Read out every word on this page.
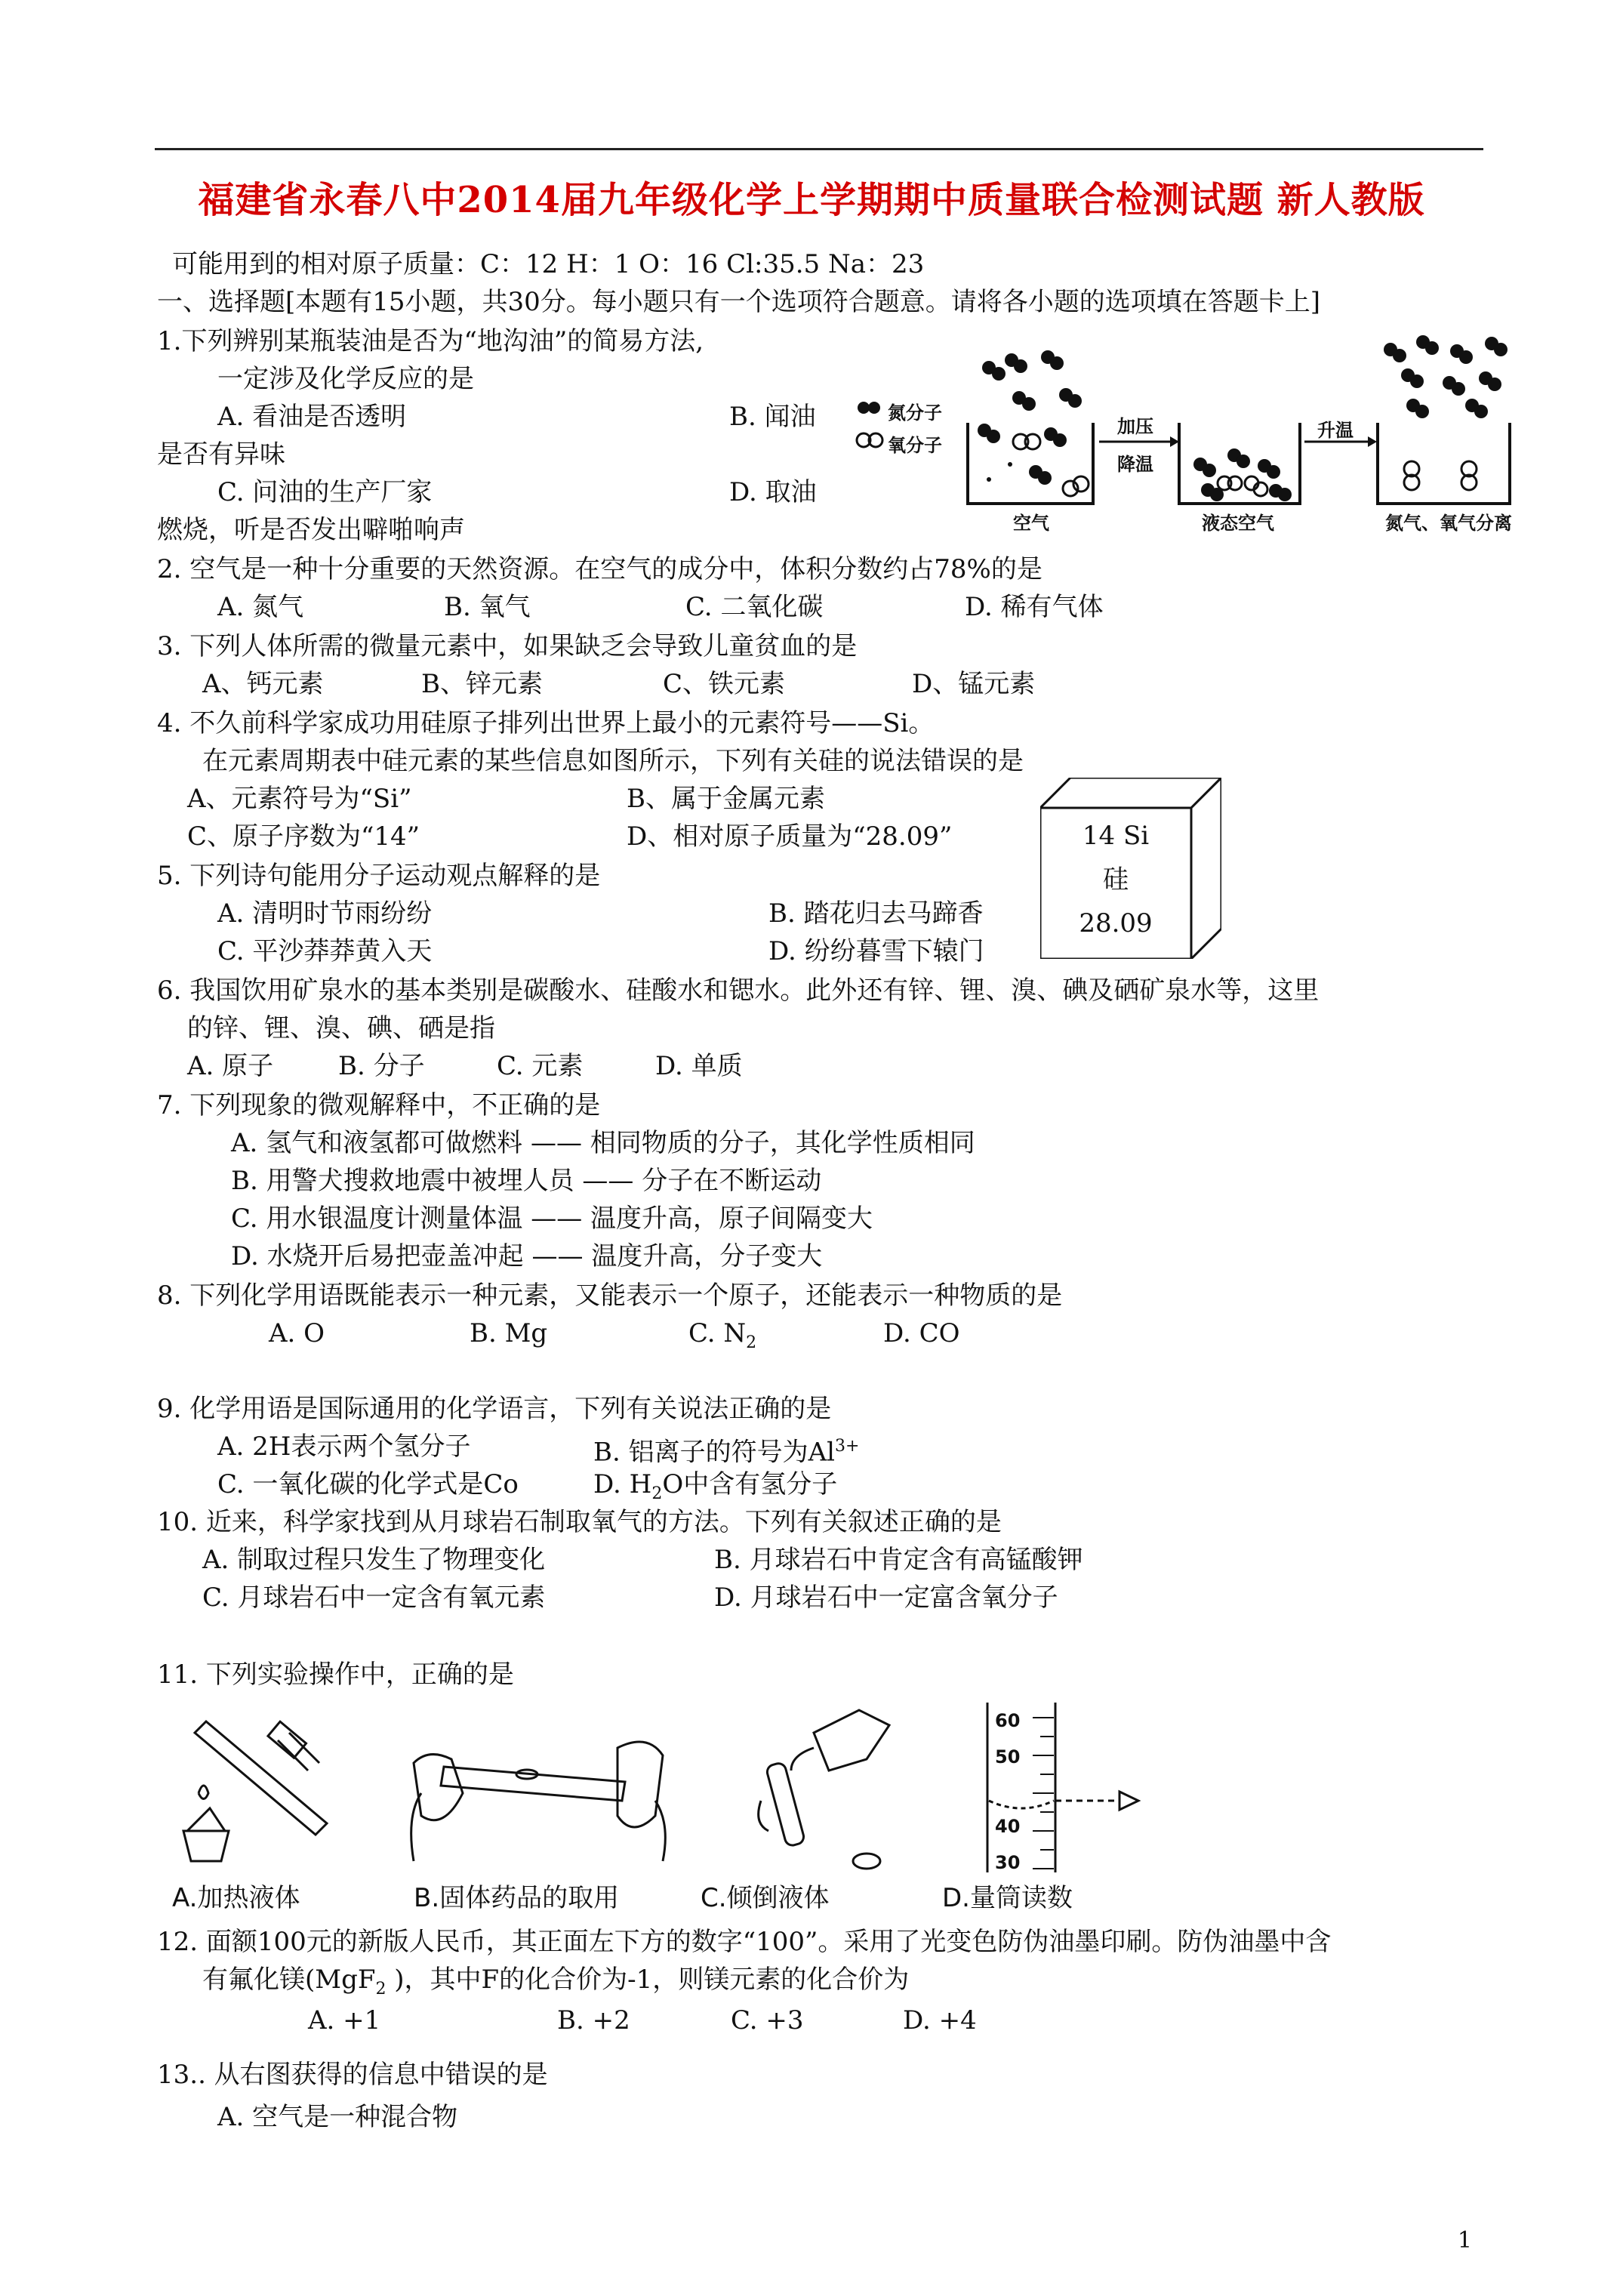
福建省永春八中2014届九年级化学上学期期中质量联合检测试题 新人教版
可能用到的相对原子质量：C：12 H：1 O：16 Cl:35.5 Na：23
一、选择题[本题有15小题，共30分。每小题只有一个选项符合题意。请将各小题的选项填在答题卡上]
1.下列辨别某瓶装油是否为“地沟油”的简易方法,
一定涉及化学反应的是
A. 看油是否透明	B. 闻油
是否有异味
C. 问油的生产厂家	D. 取油
燃烧，听是否发出噼啪响声
氮分子
氧分子
加压
降温
升温
空气	液态空气	氮气、氧气分离
2. 空气是一种十分重要的天然资源。在空气的成分中，体积分数约占78%的是
A. 氮气	B. 氧气	C. 二氧化碳	D. 稀有气体
3. 下列人体所需的微量元素中，如果缺乏会导致儿童贫血的是
A、钙元素	B、锌元素	C、铁元素	D、锰元素
4. 不久前科学家成功用硅原子排列出世界上最小的元素符号——Si。
在元素周期表中硅元素的某些信息如图所示，下列有关硅的说法错误的是
A、元素符号为“Si”	B、属于金属元素
C、原子序数为“14”	D、相对原子质量为“28.09”	14 Si
硅
28.09
5. 下列诗句能用分子运动观点解释的是
A. 清明时节雨纷纷	B. 踏花归去马蹄香
C. 平沙莽莽黄入天	D. 纷纷暮雪下辕门
6. 我国饮用矿泉水的基本类别是碳酸水、硅酸水和锶水。此外还有锌、锂、溴、碘及硒矿泉水等，这里
的锌、锂、溴、碘、硒是指
A. 原子	B. 分子	C. 元素	D. 单质
7. 下列现象的微观解释中，不正确的是
A. 氢气和液氢都可做燃料 —— 相同物质的分子，其化学性质相同
B. 用警犬搜救地震中被埋人员 —— 分子在不断运动
C. 用水银温度计测量体温 —— 温度升高，原子间隔变大
D. 水烧开后易把壶盖冲起 —— 温度升高，分子变大
8. 下列化学用语既能表示一种元素，又能表示一个原子，还能表示一种物质的是
A. O	B. Mg	C. $N_2$	D. CO
9. 化学用语是国际通用的化学语言，下列有关说法正确的是
A. 2H表示两个氢分子	B. 铝离子的符号为$Al^{3+}$
C. 一氧化碳的化学式是Co	D. $H_2O$中含有氢分子
10. 近来，科学家找到从月球岩石制取氧气的方法。下列有关叙述正确的是
A. 制取过程只发生了物理变化	B. 月球岩石中肯定含有高锰酸钾
C. 月球岩石中一定含有氧元素	D. 月球岩石中一定富含氧分子
11. 下列实验操作中，正确的是
60
50
40
30
A.加热液体	B.固体药品的取用	C.倾倒液体	D.量筒读数
12. 面额100元的新版人民币，其正面左下方的数字“100”。采用了光变色防伪油墨印刷。防伪油墨中含
有氟化镁(MgF$_2$ )，其中F的化合价为-1，则镁元素的化合价为
A. +1	B. +2	C. +3	D. +4
13.. 从右图获得的信息中错误的是
A. 空气是一种混合物
1
